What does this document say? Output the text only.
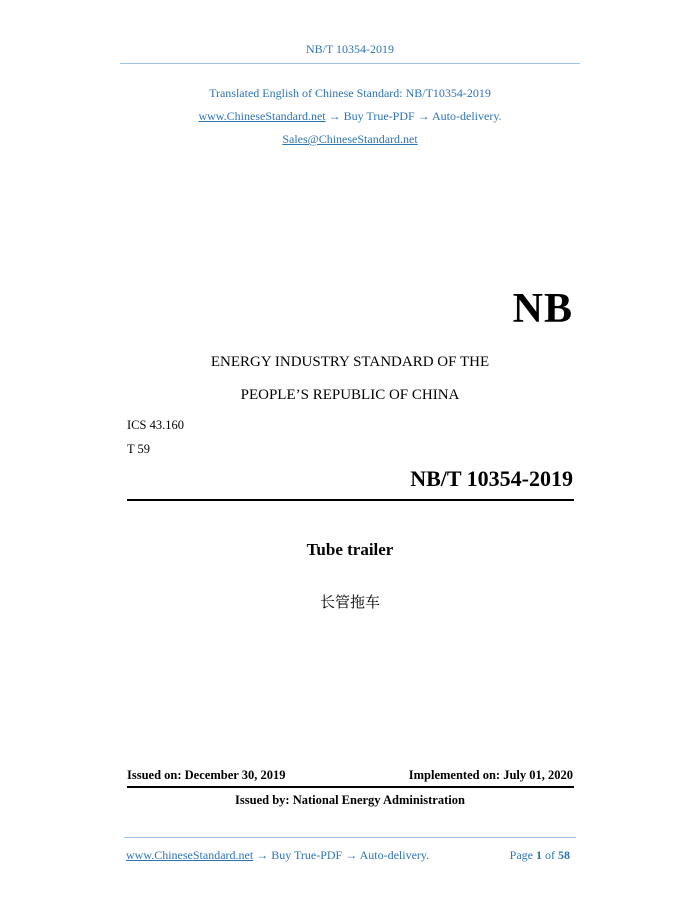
NB/T 10354-2019
Translated English of Chinese Standard: NB/T10354-2019
www.ChineseStandard.net → Buy True-PDF → Auto-delivery.
Sales@ChineseStandard.net
NB
ENERGY INDUSTRY STANDARD OF THE
PEOPLE’S REPUBLIC OF CHINA
ICS 43.160
T 59
NB/T 10354-2019
Tube trailer
长管拖车
Issued on: December 30, 2019	Implemented on: July 01, 2020
Issued by: National Energy Administration
www.ChineseStandard.net → Buy True-PDF → Auto-delivery.	Page 1 of 58
